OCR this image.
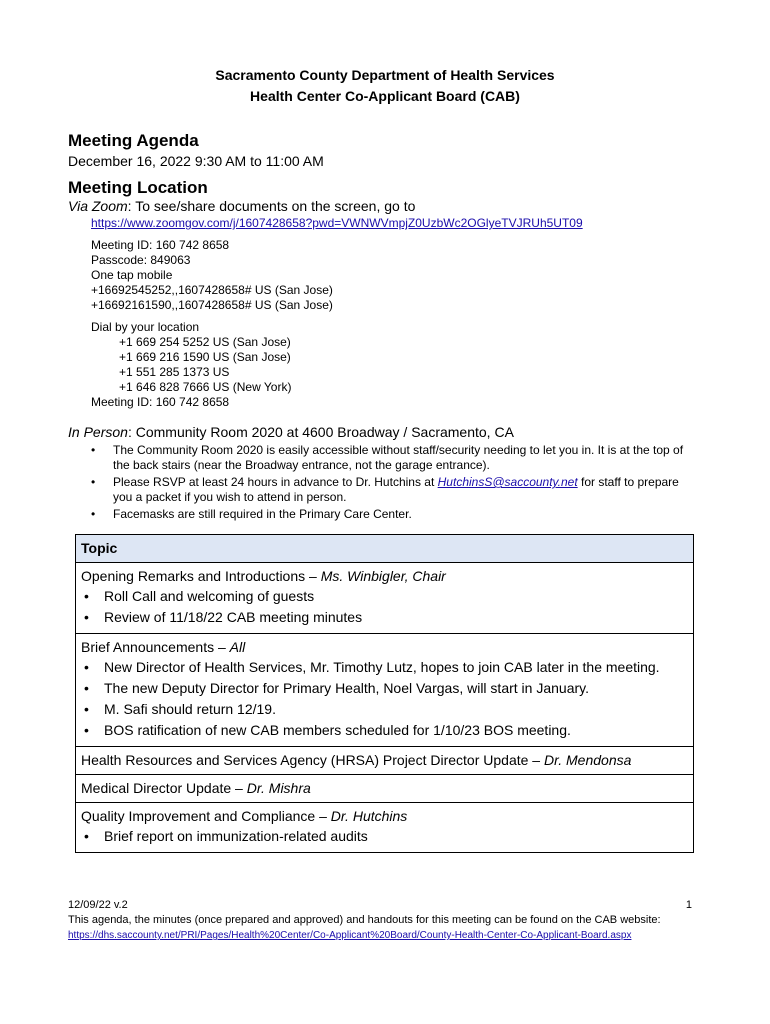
Sacramento County Department of Health Services
Health Center Co-Applicant Board (CAB)
Meeting Agenda
December 16, 2022 9:30 AM to 11:00 AM
Meeting Location
Via Zoom: To see/share documents on the screen, go to
https://www.zoomgov.com/j/1607428658?pwd=VWNWVmpjZ0UzbWc2OGlyeTVJRUh5UT09
Meeting ID: 160 742 8658
Passcode: 849063
One tap mobile
+16692545252,,1607428658# US (San Jose)
+16692161590,,1607428658# US (San Jose)
Dial by your location
+1 669 254 5252 US (San Jose)
+1 669 216 1590 US (San Jose)
+1 551 285 1373 US
+1 646 828 7666 US (New York)
Meeting ID: 160 742 8658
In Person: Community Room 2020 at 4600 Broadway / Sacramento, CA
• The Community Room 2020 is easily accessible without staff/security needing to let you in. It is at the top of the back stairs (near the Broadway entrance, not the garage entrance).
• Please RSVP at least 24 hours in advance to Dr. Hutchins at HutchinsS@saccounty.net for staff to prepare you a packet if you wish to attend in person.
• Facemasks are still required in the Primary Care Center.
Topic

Opening Remarks and Introductions – Ms. Winbigler, Chair
• Roll Call and welcoming of guests
• Review of 11/18/22 CAB meeting minutes

Brief Announcements – All
• New Director of Health Services, Mr. Timothy Lutz, hopes to join CAB later in the meeting.
• The new Deputy Director for Primary Health, Noel Vargas, will start in January.
• M. Safi should return 12/19.
• BOS ratification of new CAB members scheduled for 1/10/23 BOS meeting.

Health Resources and Services Agency (HRSA) Project Director Update – Dr. Mendonsa
Medical Director Update – Dr. Mishra

Quality Improvement and Compliance – Dr. Hutchins
• Brief report on immunization-related audits
12/09/22 v.2	1
This agenda, the minutes (once prepared and approved) and handouts for this meeting can be found on the CAB website:
https://dhs.saccounty.net/PRI/Pages/Health%20Center/Co-Applicant%20Board/County-Health-Center-Co-Applicant-Board.aspx
